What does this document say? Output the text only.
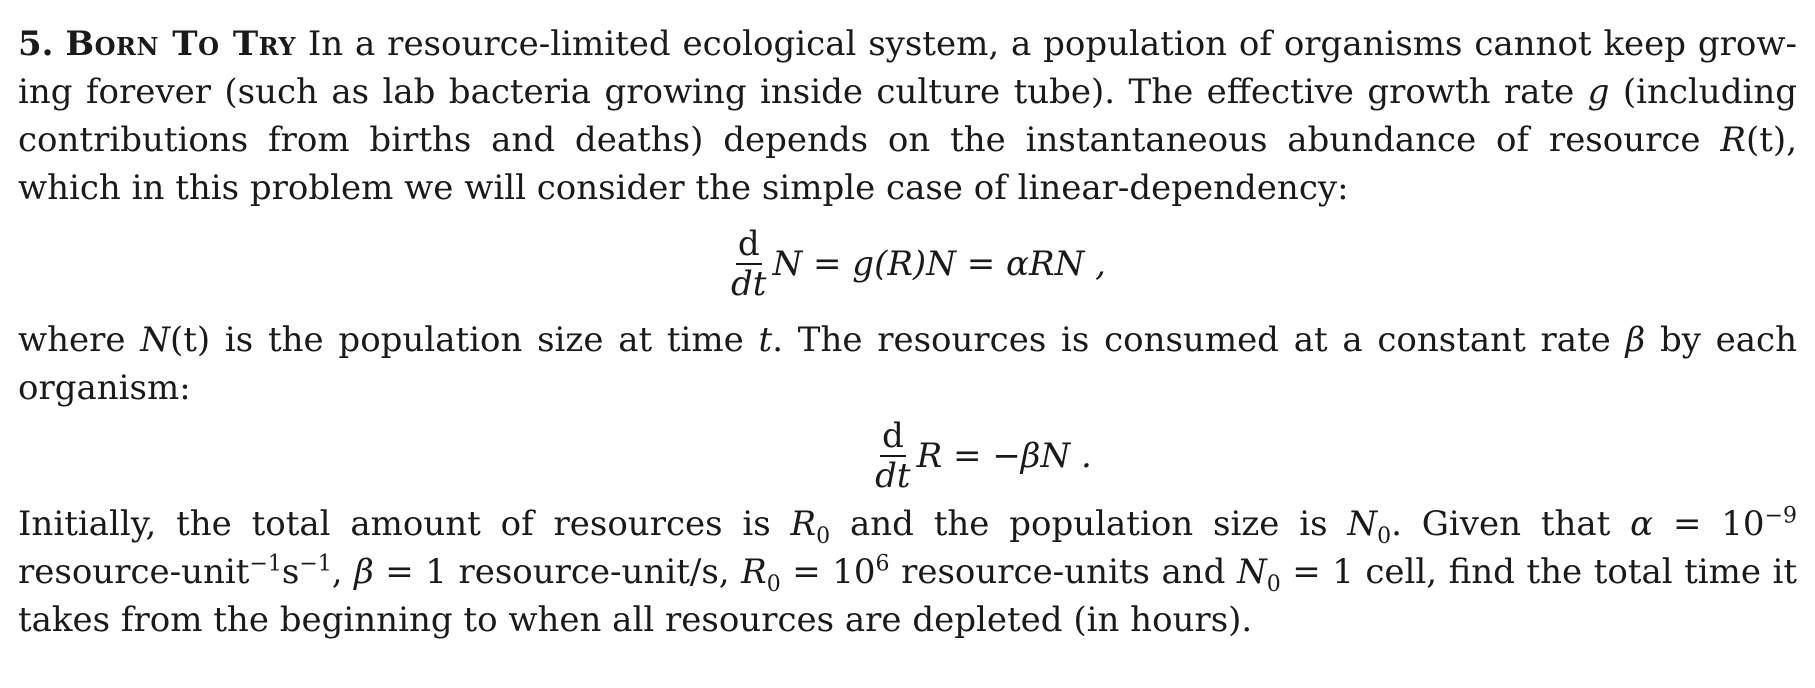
5. Born To Try In a resource-limited ecological system, a population of organisms cannot keep grow-ing forever (such as lab bacteria growing inside culture tube). The effective growth rate g (including contributions from births and deaths) depends on the instantaneous abundance of resource R(t), which in this problem we will consider the simple case of linear-dependency:

$\frac{d}{dt}$ N = g(R)N = αRN ,

where N(t) is the population size at time t. The resources is consumed at a constant rate β by each organism:

$\frac{d}{dt}$ R = −βN .

Initially, the total amount of resources is $R_0$ and the population size is $N_0$. Given that $\alpha = 10^{-9}$ resource-$unit^{-1}s^{-1}$, β = 1 resource-unit/s, $R_0 = 10^6$ resource-units and $N_0 = 1$ cell, find the total time it takes from the beginning to when all resources are depleted (in hours).
